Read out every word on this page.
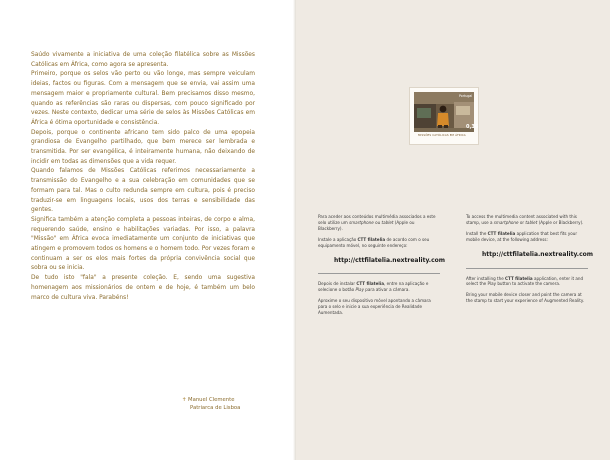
Saúdo vivamente a iniciativa de uma coleção filatélica sobre as Missões Católicas em África, como agora se apresenta.

Primeiro, porque os selos vão perto ou vão longe, mas sempre veiculam ideias, factos ou figuras. Com a mensagem que se envia, vai assim uma mensagem maior e propriamente cultural. Bem precisamos disso mesmo, quando as referências são raras ou dispersas, com pouco significado por vezes. Neste contexto, dedicar uma série de selos às Missões Católicas em África é ótima oportunidade e consistência.

Depois, porque o continente africano tem sido palco de uma epopeia grandiosa de Evangelho partilhado, que bem merece ser lembrada e transmitida. Por ser evangélica, é inteiramente humana, não deixando de incidir em todas as dimensões que a vida requer.

Quando falamos de Missões Católicas referimos necessariamente a transmissão do Evangelho e a sua celebração em comunidades que se formam para tal. Mas o culto redunda sempre em cultura, pois é preciso traduzir-se em linguagens locais, usos dos terras e sensibilidade das gentes.

Significa também a atenção completa a pessoas inteiras, de corpo e alma, requerendo saúde, ensino e habilitações variadas. Por isso, a palavra "Missão" em África evoca imediatamente um conjunto de iniciativas que atingem e promovem todos os homens e o homem todo. Por vezes foram e continuam a ser os elos mais fortes da própria convivência social que sobra ou se inicia.

De tudo isto "fala" a presente coleção. E, sendo uma sugestiva homenagem aos missionários de ontem e de hoje, é também um belo marco de cultura viva. Parabéns!

✝ Manuel Clemente
Patriarca de Lisboa
Portugal
0,36
MISSÕES CATÓLICAS EM ÁFRICA

Para aceder aos conteúdos multimédia associados a este selo utilize um smartphone ou tablet (Apple ou Blackberry).

Instale a aplicação CTT filatelia de acordo com o seu equipamento móvel, no seguinte endereço:

http://cttfilatelia.nextreality.com

Depois de instalar CTT filatelia, entre na aplicação e selecione o botão Play para ativar a câmara.

Aproxime o seu dispositivo móvel apontando a câmara para o selo e inicie a sua experiência de Realidade Aumentada.

To access the multimedia content associated with this stamp, use a smartphone or tablet (Apple or Blackberry).

Install the CTT filatelia application that best fits your mobile device, at the following address:

http://cttfilatelia.nextreality.com

After installing the CTT filatelia application, enter it and select the Play button to activate the camera.

Bring your mobile device closer and point the camera at the stamp to start your experience of Augmented Reality.
